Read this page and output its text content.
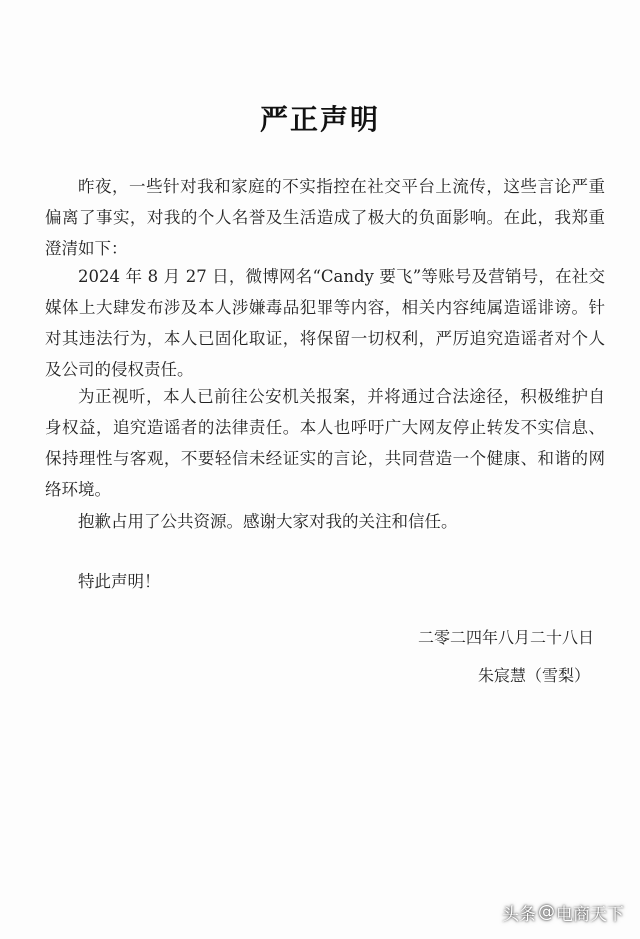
严正声明
昨夜，一些针对我和家庭的不实指控在社交平台上流传，这些言论严重偏离了事实，对我的个人名誉及生活造成了极大的负面影响。在此，我郑重澄清如下：
2024 年 8 月 27 日，微博网名“Candy 要飞”等账号及营销号，在社交媒体上大肆发布涉及本人涉嫌毒品犯罪等内容，相关内容纯属造谣诽谤。针对其违法行为，本人已固化取证，将保留一切权利，严厉追究造谣者对个人及公司的侵权责任。
为正视听，本人已前往公安机关报案，并将通过合法途径，积极维护自身权益，追究造谣者的法律责任。本人也呼吁广大网友停止转发不实信息、保持理性与客观，不要轻信未经证实的言论，共同营造一个健康、和谐的网络环境。
抱歉占用了公共资源。感谢大家对我的关注和信任。
特此声明！
二零二四年八月二十八日
朱宸慧（雪梨）
头条 @ 电商天下
